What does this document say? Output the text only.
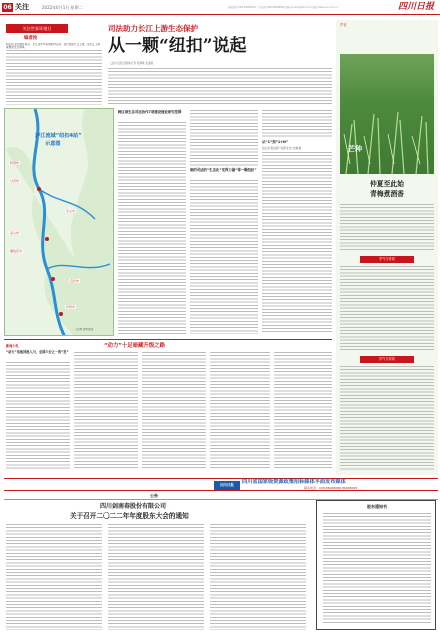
06 关注	2022年6月1日 星期二	新闻热线:028-86968592 广告热线:028-86968836 邮箱:scrbsc@163.com 网址:www.scol.com.cn	四川日报
关注世界环境日
编者按
6月5日是世界环境日。长江是中华民族的母亲河，四川地处长江上游，是长江上游重要的生态屏障。
司法助力长江上游生态保护
从一颗“纽扣”说起
□四川日报全媒体记者 何道峰 张凌漪
泸江流域“纽扣4站”
示意图
阿坝州
甘孜州
凉山州
攀枝花市
乐山市
宜宾市
泸州市
示意图 制图/张凌
跨区域生态司法协作7项建设理论研究范围
制约司法的“生态化”发挥力量“零一颗纽扣”
从“1”到“1+N”
这让泸县法院“发挥生态”去看看
声音
芒种
仲夏至此始
青梅煮酒香
学气与你同
学气与你同
“动力”十足暗藏升级之路
新闻小札
“动力”电池回流人川，全国六分之一的“发”
四川日报	四川省国家级资源政策招标媒体平面发布媒体
联系电话：028-86968086 86968095
公告
四川剑南春股份有限公司
关于召开二〇二二年年度股东大会的通知
股东通知书
